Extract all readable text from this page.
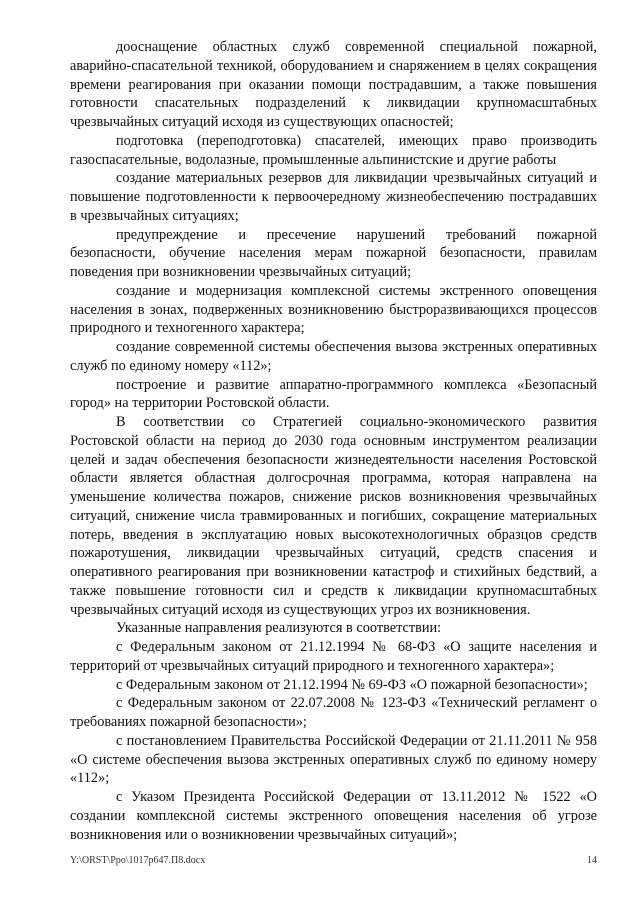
дооснащение областных служб современной специальной пожарной, аварийно-спасательной техникой, оборудованием и снаряжением в целях сокращения времени реагирования при оказании помощи пострадавшим, а также повышения готовности спасательных подразделений к ликвидации крупномасштабных чрезвычайных ситуаций исходя из существующих опасностей;

подготовка (переподготовка) спасателей, имеющих право производить газоспасательные, водолазные, промышленные альпинистские и другие работы

создание материальных резервов для ликвидации чрезвычайных ситуаций и повышение подготовленности к первоочередному жизнеобеспечению пострадавших в чрезвычайных ситуациях;

предупреждение и пресечение нарушений требований пожарной безопасности, обучение населения мерам пожарной безопасности, правилам поведения при возникновении чрезвычайных ситуаций;

создание и модернизация комплексной системы экстренного оповещения населения в зонах, подверженных возникновению быстроразвивающихся процессов природного и техногенного характера;

создание современной системы обеспечения вызова экстренных оперативных служб по единому номеру «112»;

построение и развитие аппаратно-программного комплекса «Безопасный город» на территории Ростовской области.

В соответствии со Стратегией социально-экономического развития Ростовской области на период до 2030 года основным инструментом реализации целей и задач обеспечения безопасности жизнедеятельности населения Ростовской области является областная долгосрочная программа, которая направлена на уменьшение количества пожаров, снижение рисков возникновения чрезвычайных ситуаций, снижение числа травмированных и погибших, сокращение материальных потерь, введения в эксплуатацию новых высокотехнологичных образцов средств пожаротушения, ликвидации чрезвычайных ситуаций, средств спасения и оперативного реагирования при возникновении катастроф и стихийных бедствий, а также повышение готовности сил и средств к ликвидации крупномасштабных чрезвычайных ситуаций исходя из существующих угроз их возникновения.

Указанные направления реализуются в соответствии:

с Федеральным законом от 21.12.1994 № 68-ФЗ «О защите населения и территорий от чрезвычайных ситуаций природного и техногенного характера»;

с Федеральным законом от 21.12.1994 № 69-ФЗ «О пожарной безопасности»;

с Федеральным законом от 22.07.2008 № 123-ФЗ «Технический регламент о требованиях пожарной безопасности»;

с постановлением Правительства Российской Федерации от 21.11.2011 № 958 «О системе обеспечения вызова экстренных оперативных служб по единому номеру «112»;

с Указом Президента Российской Федерации от 13.11.2012 № 1522 «О создании комплексной системы экстренного оповещения населения об угрозе возникновения или о возникновении чрезвычайных ситуаций»;

Y:\ORST\Ppo\1017p647.П8.docx	14
